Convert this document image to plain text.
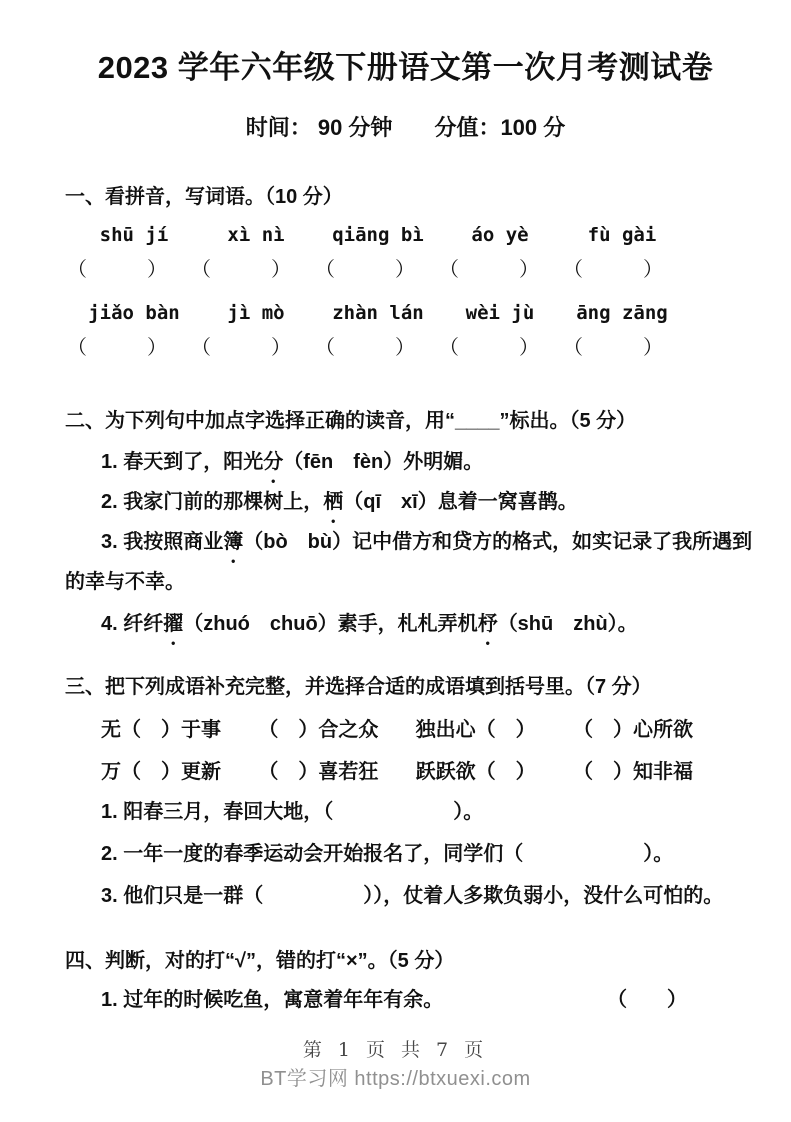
2023 学年六年级下册语文第一次月考测试卷
时间： 90 分钟 分值：100 分
一、看拼音，写词语。（10 分）
shū jí	xì nì	qiāng bì	áo yè	fù gài
（　　　）	（　　　）	（　　　）	（　　　）	（　　　）
jiǎo bàn	jì mò	zhàn lán	wèi jù	āng zāng
（　　　）	（　　　）	（　　　）	（　　　）	（　　　）
二、为下列句中加点字选择正确的读音，用“____”标出。（5 分）

1. 春天到了，阳光分（fēn　fèn）外明媚。

2. 我家门前的那棵树上，栖（qī　xī）息着一窝喜鹊。

3. 我按照商业簿（bò　bù）记中借方和贷方的格式，如实记录了我所遇到

的幸与不幸。

4. 纤纤擢（zhuó　chuō）素手，札札弄机杼（shū　zhù）。

三、把下列成语补充完整，并选择合适的成语填到括号里。（7 分）
无（　）于事 （　）合之众 独出心（　） （　）心所欲
万（　）更新 （　）喜若狂 跃跃欲（　） （　）知非福

1. 阳春三月，春回大地，（　　　　　　）。

2. 一年一度的春季运动会开始报名了，同学们（　　　　　　）。

3. 他们只是一群（　　　　　）），仗着人多欺负弱小，没什么可怕的。

四、判断，对的打“√”，错的打“×”。（5 分）
1. 过年的时候吃鱼，寓意着年年有余。	（　　）
第 1 页 共 7 页
BT学习网 https://btxuexi.com
